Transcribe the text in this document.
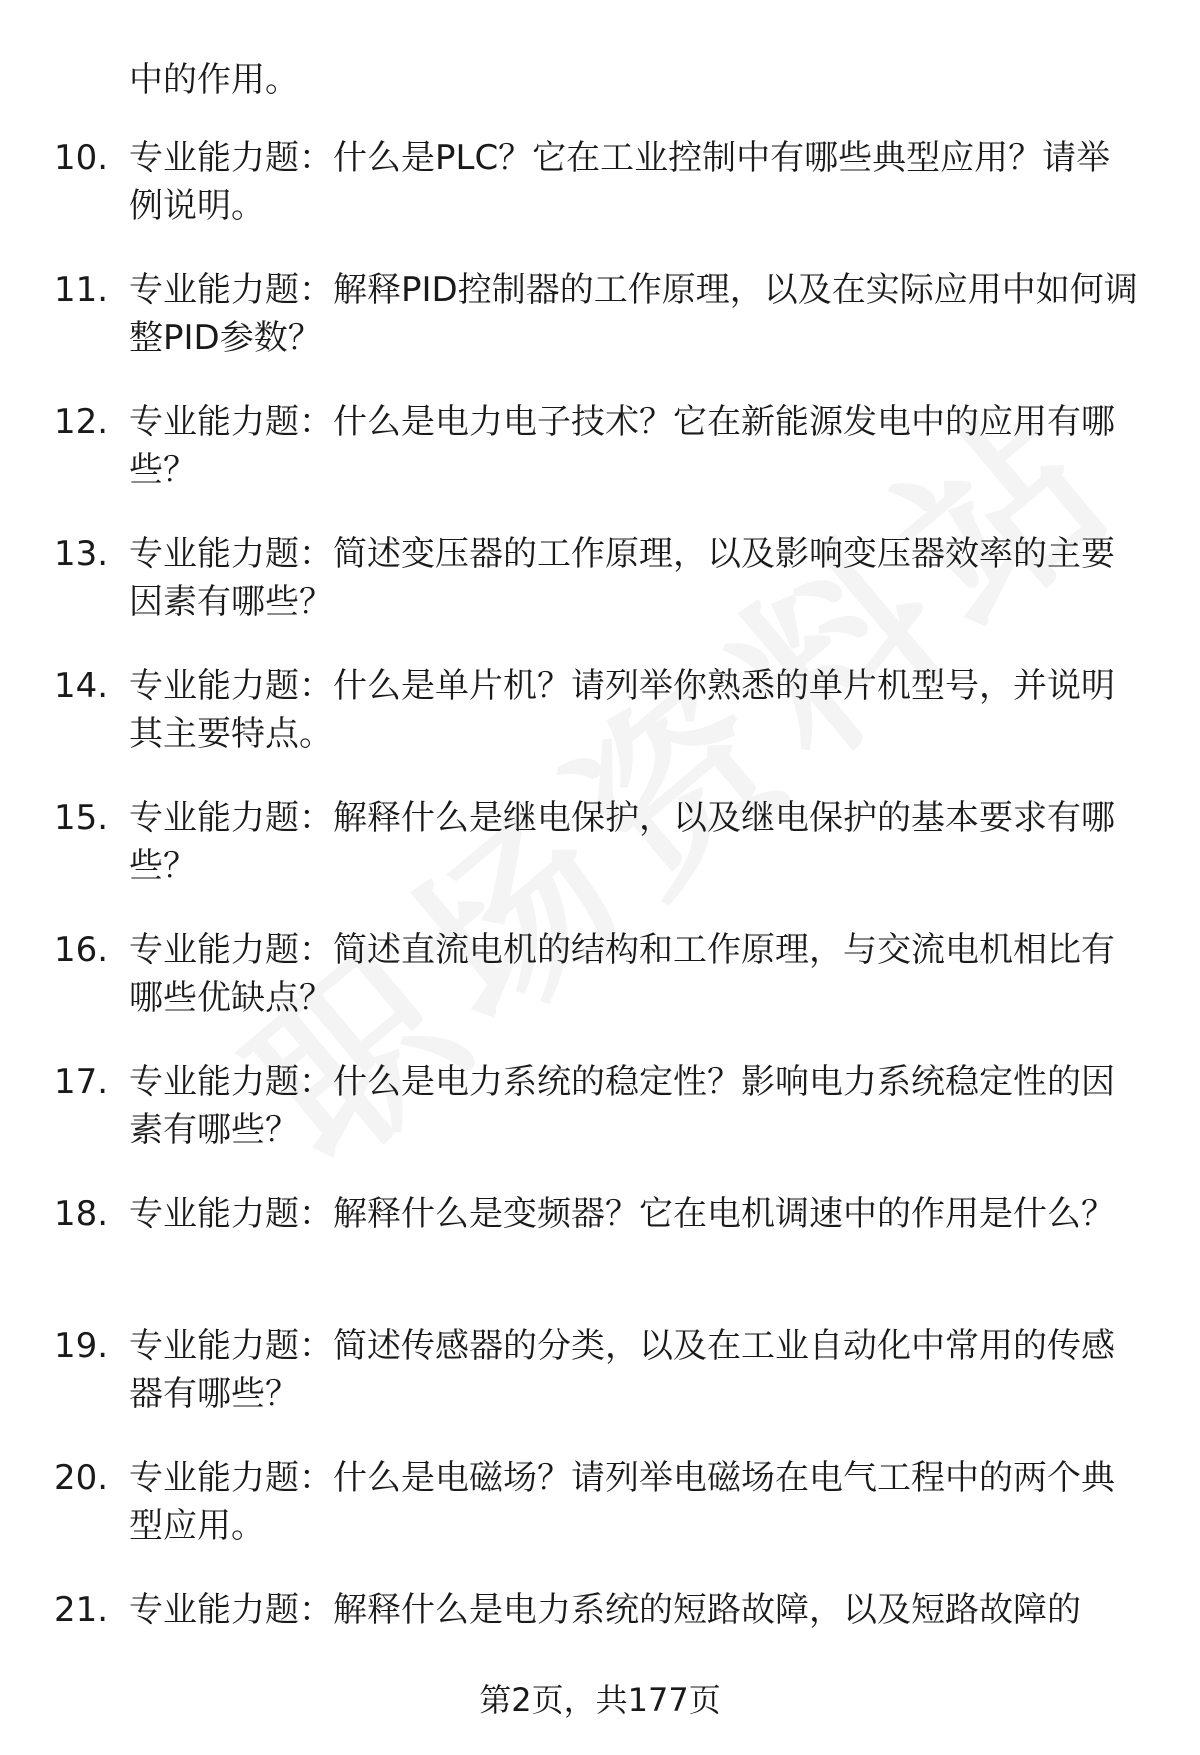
中的作用。
10. 专业能力题：什么是PLC？它在工业控制中有哪些典型应用？请举例说明。
11. 专业能力题：解释PID控制器的工作原理，以及在实际应用中如何调整PID参数？
12. 专业能力题：什么是电力电子技术？它在新能源发电中的应用有哪些？
13. 专业能力题：简述变压器的工作原理，以及影响变压器效率的主要因素有哪些？
14. 专业能力题：什么是单片机？请列举你熟悉的单片机型号，并说明其主要特点。
15. 专业能力题：解释什么是继电保护，以及继电保护的基本要求有哪些？
16. 专业能力题：简述直流电机的结构和工作原理，与交流电机相比有哪些优缺点？
17. 专业能力题：什么是电力系统的稳定性？影响电力系统稳定性的因素有哪些？
18. 专业能力题：解释什么是变频器？它在电机调速中的作用是什么？
19. 专业能力题：简述传感器的分类，以及在工业自动化中常用的传感器有哪些？
20. 专业能力题：什么是电磁场？请列举电磁场在电气工程中的两个典型应用。
21. 专业能力题：解释什么是电力系统的短路故障，以及短路故障的
第2页，共177页
